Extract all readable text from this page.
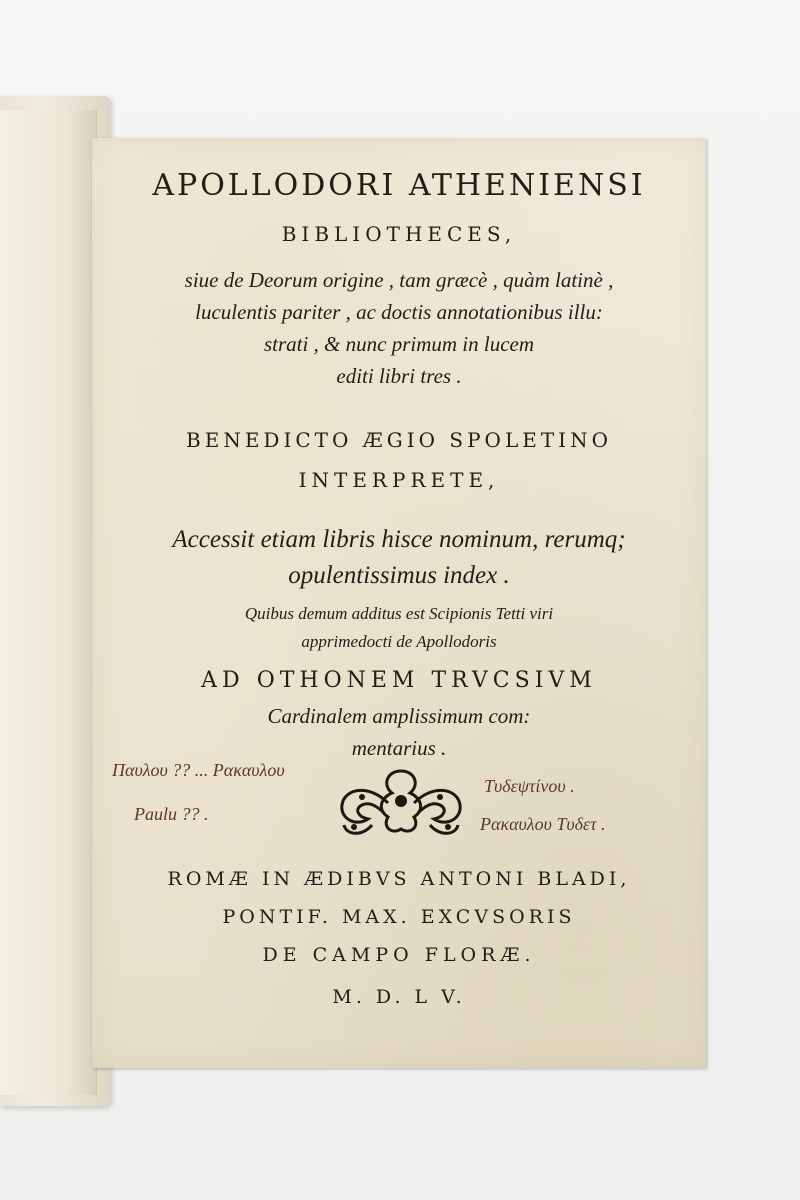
APOLLODORI ATHENIENSI
BIBLIOTHECES,
siue de Deorum origine , tam græcè , quàm latinè ,
luculentis pariter , ac doctis annotationibus illu:
strati , & nunc primum in lucem
editi libri tres .
BENEDICTO ÆGIO SPOLETINO
INTERPRETE,
Accessit etiam libris hisce nominum, rerumq;
opulentissimus index .
Quibus demum additus est Scipionis Tetti viri
apprimedocti de Apollodoris
AD OTHONEM TRVCSIVM
Cardinalem amplissimum com:
mentarius .
Παυλου ?? ... Ρακαυλου
Paulu ?? .
Τυδεψτίνου .
Ρακαυλου Τυδετ .
ROMÆ IN ÆDIBVS ANTONI BLADI,
PONTIF. MAX. EXCVSORIS
DE CAMPO FLORÆ.
M. D. L V.
